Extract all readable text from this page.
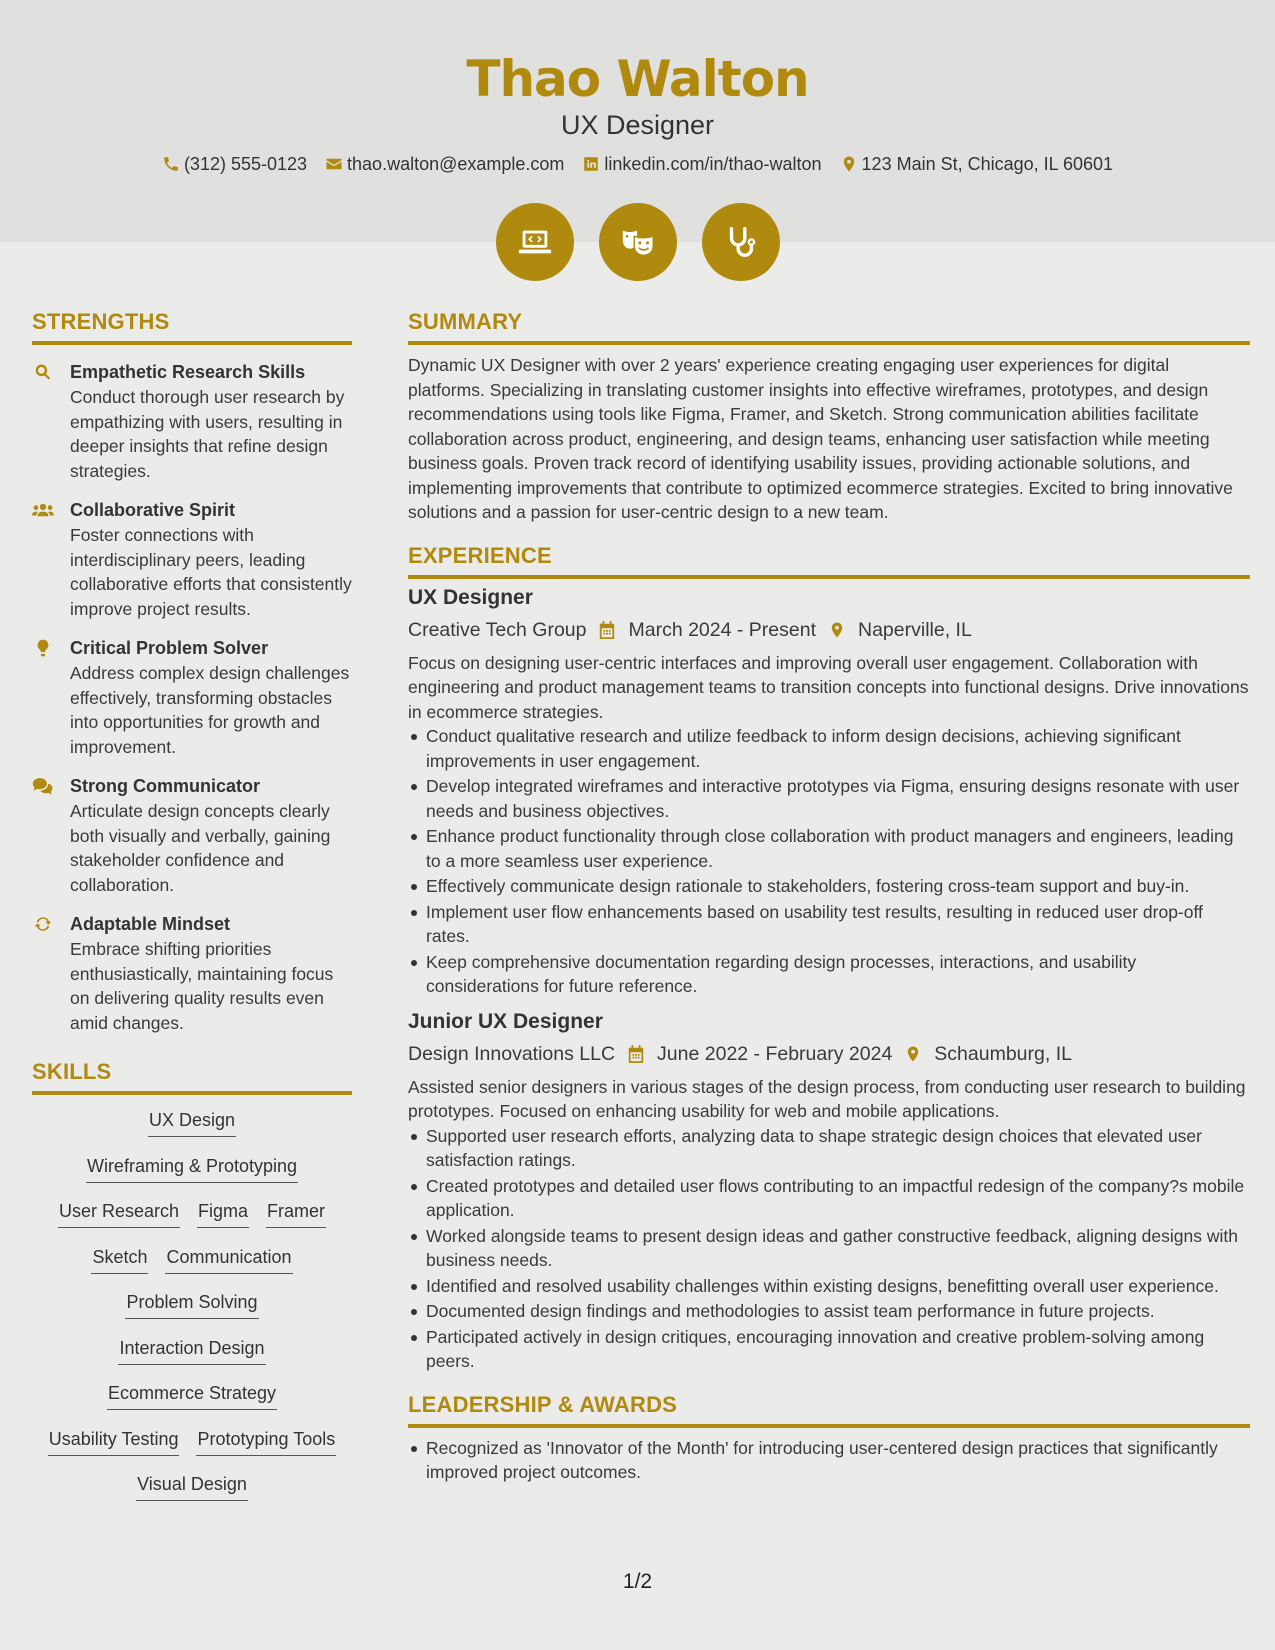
Thao Walton
UX Designer
(312) 555-0123 thao.walton@example.com linkedin.com/in/thao-walton 123 Main St, Chicago, IL 60601
STRENGTHS
Empathetic Research Skills
Conduct thorough user research by empathizing with users, resulting in deeper insights that refine design strategies.
Collaborative Spirit
Foster connections with interdisciplinary peers, leading collaborative efforts that consistently improve project results.
Critical Problem Solver
Address complex design challenges effectively, transforming obstacles into opportunities for growth and improvement.
Strong Communicator
Articulate design concepts clearly both visually and verbally, gaining stakeholder confidence and collaboration.
Adaptable Mindset
Embrace shifting priorities enthusiastically, maintaining focus on delivering quality results even amid changes.
SKILLS
UX Design
Wireframing & Prototyping
User Research Figma Framer
Sketch Communication
Problem Solving
Interaction Design
Ecommerce Strategy
Usability Testing Prototyping Tools
Visual Design
SUMMARY
Dynamic UX Designer with over 2 years' experience creating engaging user experiences for digital platforms. Specializing in translating customer insights into effective wireframes, prototypes, and design recommendations using tools like Figma, Framer, and Sketch. Strong communication abilities facilitate collaboration across product, engineering, and design teams, enhancing user satisfaction while meeting business goals. Proven track record of identifying usability issues, providing actionable solutions, and implementing improvements that contribute to optimized ecommerce strategies. Excited to bring innovative solutions and a passion for user-centric design to a new team.
EXPERIENCE
UX Designer
Creative Tech Group March 2024 - Present Naperville, IL
Focus on designing user-centric interfaces and improving overall user engagement. Collaboration with engineering and product management teams to transition concepts into functional designs. Drive innovations in ecommerce strategies.
Conduct qualitative research and utilize feedback to inform design decisions, achieving significant improvements in user engagement.
Develop integrated wireframes and interactive prototypes via Figma, ensuring designs resonate with user needs and business objectives.
Enhance product functionality through close collaboration with product managers and engineers, leading to a more seamless user experience.
Effectively communicate design rationale to stakeholders, fostering cross-team support and buy-in.
Implement user flow enhancements based on usability test results, resulting in reduced user drop-off rates.
Keep comprehensive documentation regarding design processes, interactions, and usability considerations for future reference.
Junior UX Designer
Design Innovations LLC June 2022 - February 2024 Schaumburg, IL
Assisted senior designers in various stages of the design process, from conducting user research to building prototypes. Focused on enhancing usability for web and mobile applications.
Supported user research efforts, analyzing data to shape strategic design choices that elevated user satisfaction ratings.
Created prototypes and detailed user flows contributing to an impactful redesign of the company?s mobile application.
Worked alongside teams to present design ideas and gather constructive feedback, aligning designs with business needs.
Identified and resolved usability challenges within existing designs, benefitting overall user experience.
Documented design findings and methodologies to assist team performance in future projects.
Participated actively in design critiques, encouraging innovation and creative problem-solving among peers.
LEADERSHIP & AWARDS
Recognized as 'Innovator of the Month' for introducing user-centered design practices that significantly improved project outcomes.
1/2
